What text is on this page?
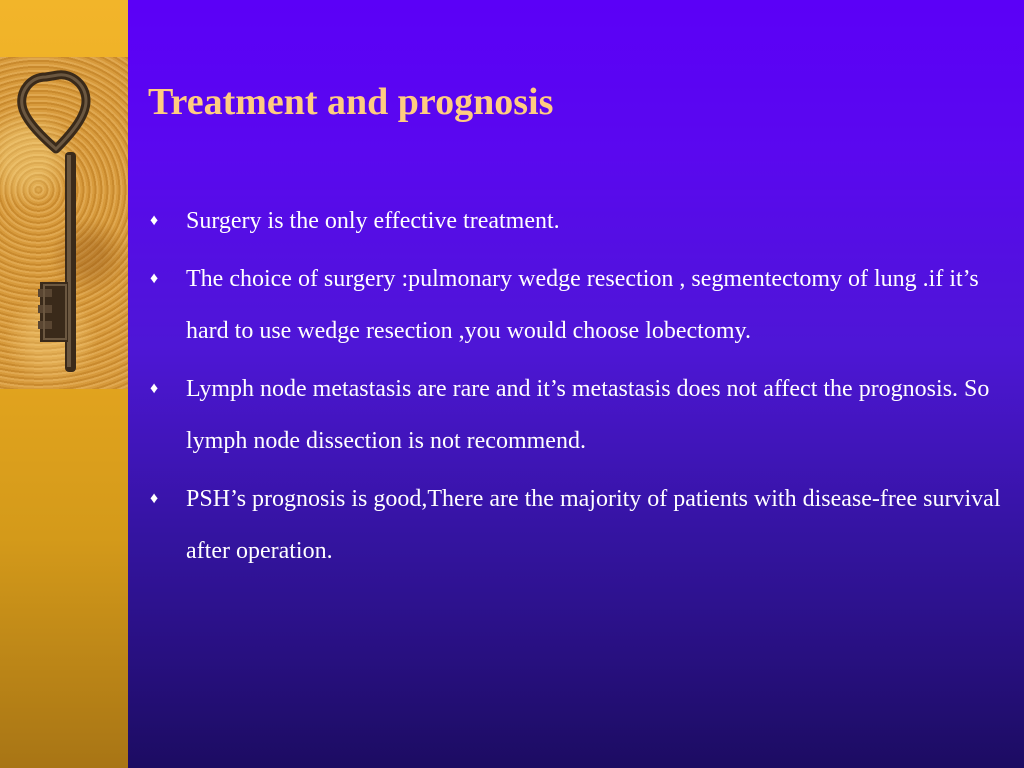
Treatment and prognosis
♦ Surgery is the only effective treatment.
♦ The choice of surgery :pulmonary wedge resection , segmentectomy of lung .if it’s hard to use wedge resection ,you would choose lobectomy.
♦ Lymph node metastasis are rare and it’s metastasis does not affect the prognosis. So lymph node dissection is not recommend.
♦ PSH’s prognosis is good,There are the majority of patients with disease-free survival after operation.
